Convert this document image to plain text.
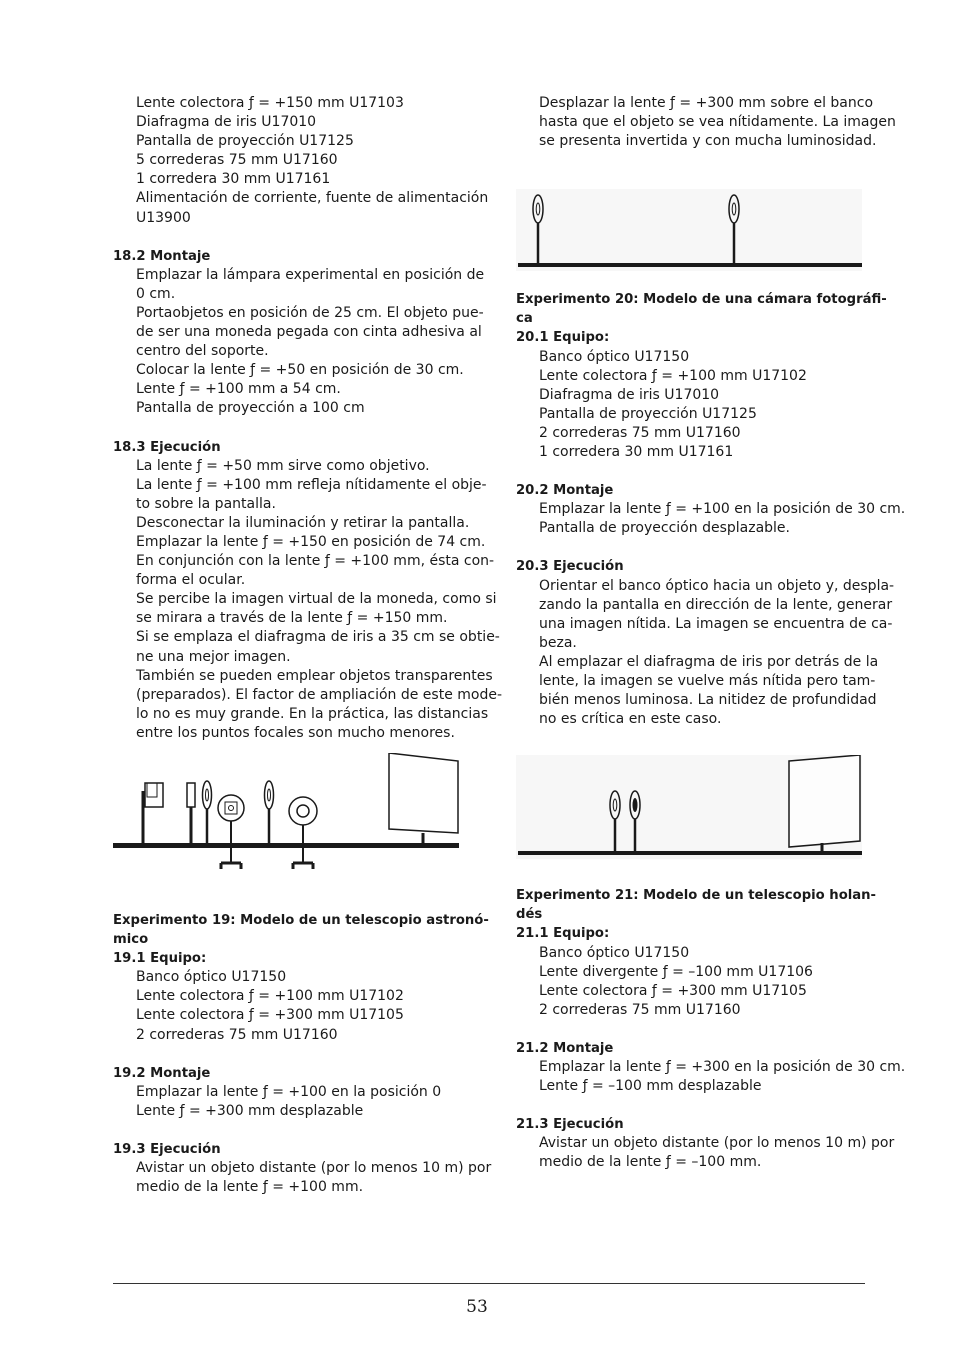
Lente colectora ƒ = +150 mm U17103
Diafragma de iris U17010
Pantalla de proyección U17125
5 correderas 75 mm U17160
1 corredera 30 mm U17161
Alimentación de corriente, fuente de alimentación
U13900
18.2 Montaje
Emplazar la lámpara experimental en posición de
0 cm.
Portaobjetos en posición de 25 cm. El objeto pue-
de ser una moneda pegada con cinta adhesiva al
centro del soporte.
Colocar la lente ƒ = +50 en posición de 30 cm.
Lente ƒ = +100 mm a 54 cm.
Pantalla de proyección a 100 cm
18.3 Ejecución
La lente ƒ = +50 mm sirve como objetivo.
La lente ƒ = +100 mm refleja nítidamente el obje-
to sobre la pantalla.
Desconectar la iluminación y retirar la pantalla.
Emplazar la lente ƒ = +150 en posición de 74 cm.
En conjunción con la lente ƒ = +100 mm, ésta con-
forma el ocular.
Se percibe la imagen virtual de la moneda, como si
se mirara a través de la lente ƒ = +150 mm.
Si se emplaza el diafragma de iris a 35 cm se obtie-
ne una mejor imagen.
También se pueden emplear objetos transparentes
(preparados). El factor de ampliación de este mode-
lo no es muy grande. En la práctica, las distancias
entre los puntos focales son mucho menores.
Experimento 19: Modelo de un telescopio astronó-
mico
19.1 Equipo:
Banco óptico U17150
Lente colectora ƒ = +100 mm U17102
Lente colectora ƒ = +300 mm U17105
2 correderas 75 mm U17160
19.2 Montaje
Emplazar la lente ƒ = +100 en la posición 0
Lente ƒ = +300 mm desplazable
19.3 Ejecución
Avistar un objeto distante (por lo menos 10 m) por
medio de la lente ƒ = +100 mm.
Desplazar la lente ƒ = +300 mm sobre el banco
hasta que el objeto se vea nítidamente. La imagen
se presenta invertida y con mucha luminosidad.
Experimento 20: Modelo de una cámara fotográfi-
ca
20.1 Equipo:
Banco óptico U17150
Lente colectora ƒ = +100 mm U17102
Diafragma de iris U17010
Pantalla de proyección U17125
2 correderas 75 mm U17160
1 corredera 30 mm U17161
20.2 Montaje
Emplazar la lente ƒ = +100 en la posición de 30 cm.
Pantalla de proyección desplazable.
20.3 Ejecución
Orientar el banco óptico hacia un objeto y, despla-
zando la pantalla en dirección de la lente, generar
una imagen nítida. La imagen se encuentra de ca-
beza.
Al emplazar el diafragma de iris por detrás de la
lente, la imagen se vuelve más nítida pero tam-
bién menos luminosa. La nitidez de profundidad
no es crítica en este caso.
Experimento 21: Modelo de un telescopio holan-
dés
21.1 Equipo:
Banco óptico U17150
Lente divergente ƒ = –100 mm U17106
Lente colectora ƒ = +300 mm U17105
2 correderas 75 mm U17160
21.2 Montaje
Emplazar la lente ƒ = +300 en la posición de 30 cm.
Lente ƒ = –100 mm desplazable
21.3 Ejecución
Avistar un objeto distante (por lo menos 10 m) por
medio de la lente ƒ = –100 mm.
53
